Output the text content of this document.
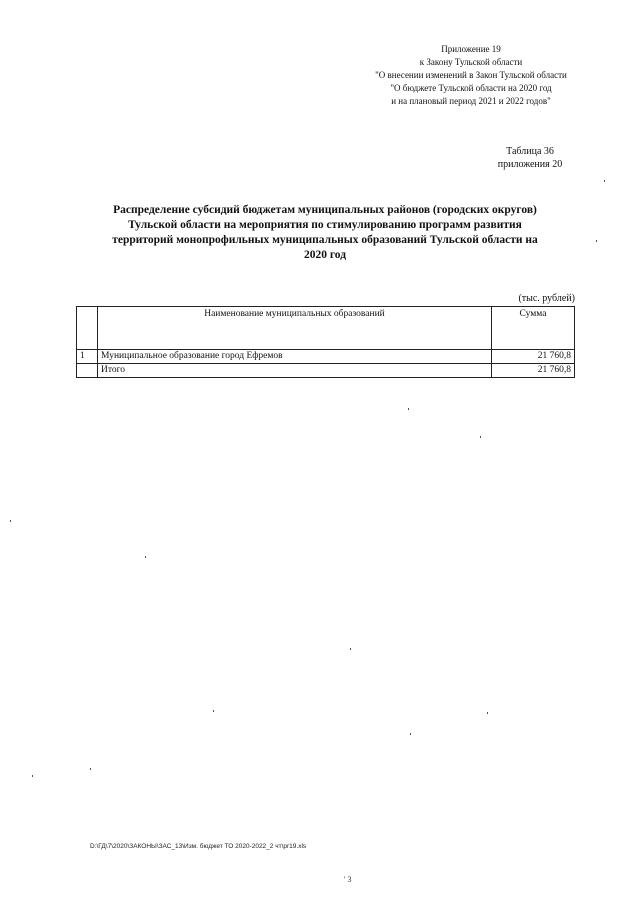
Приложение 19
к Закону Тульской области
"О внесении изменений в Закон Тульской области
"О бюджете Тульской области на 2020 год
и на плановый период 2021 и 2022 годов"
Таблица 36
приложения 20
Распределение субсидий бюджетам муниципальных районов (городских округов)
Тульской области на мероприятия по стимулированию программ развития
территорий монопрофильных муниципальных образований Тульской области на
2020 год
(тыс. рублей)
	Наименование муниципальных образований	Сумма
1	Муниципальное образование город Ефремов	21 760,8
	Итого	21 760,8
D:\ГД\7\2020\ЗАКОНЫ\ЗАС_13\Изм. бюджет ТО 2020-2022_2 чт\pr19.xls
' 3
